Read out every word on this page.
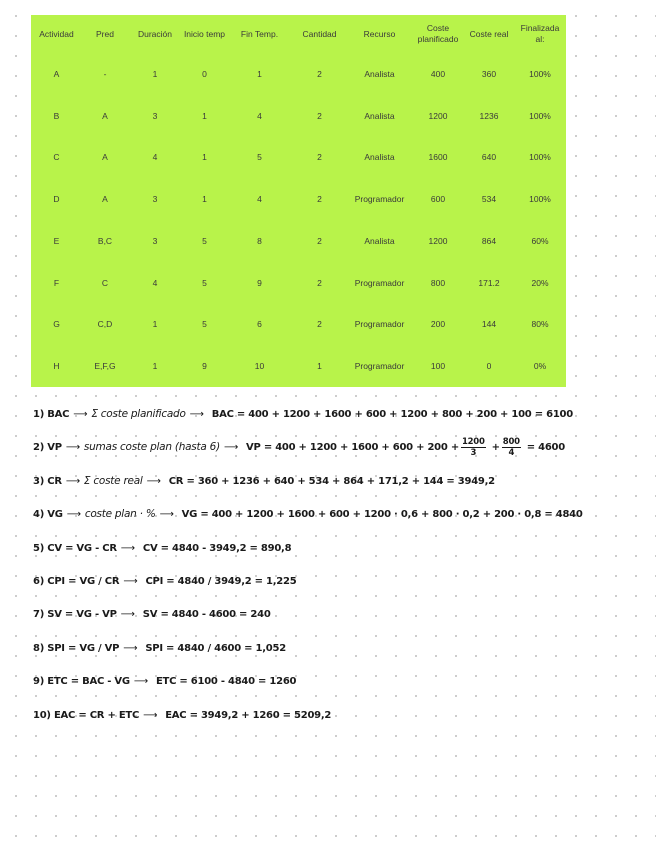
Actividad	Pred	Duración	Inicio temp	Fin Temp.	Cantidad	Recurso	Coste planificado	Coste real	Finalizada al:
A	-	1	0	1	2	Analista	400	360	100%
B	A	3	1	4	2	Analista	1200	1236	100%
C	A	4	1	5	2	Analista	1600	640	100%
D	A	3	1	4	2	Programador	600	534	100%
E	B,C	3	5	8	2	Analista	1200	864	60%
F	C	4	5	9	2	Programador	800	171.2	20%
G	C,D	1	5	6	2	Programador	200	144	80%
H	E,F,G	1	9	10	1	Programador	100	0	0%
1) BAC ⟶ Σ coste planificado ⟶ BAC = 400 + 1200 + 1600 + 600 + 1200 + 800 + 200 + 100 = 6100
2) VP ⟶ sumas coste plan (hasta 6) ⟶ VP = $400 + 1200 + 1600 + 600 + 200 + \frac{1200}{3} + \frac{800}{4} = 4600$
3) CR ⟶ Σ coste real ⟶ CR = 360 + 1236 + 640 + 534 + 864 + 171,2 + 144 = 3949,2
4) VG ⟶ coste plan · % ⟶ VG = 400 + 1200 + 1600 + 600 + 1200 · 0,6 + 800 · 0,2 + 200 · 0,8 = 4840
5) CV = VG - CR ⟶ CV = 4840 - 3949,2 = 890,8
6) CPI = VG / CR ⟶ CPI = 4840 / 3949,2 = 1,225
7) SV = VG - VP ⟶ SV = 4840 - 4600 = 240
8) SPI = VG / VP ⟶ SPI = 4840 / 4600 = 1,052
9) ETC = BAC - VG ⟶ ETC = 6100 - 4840 = 1260
10) EAC = CR + ETC ⟶ EAC = 3949,2 + 1260 = 5209,2
